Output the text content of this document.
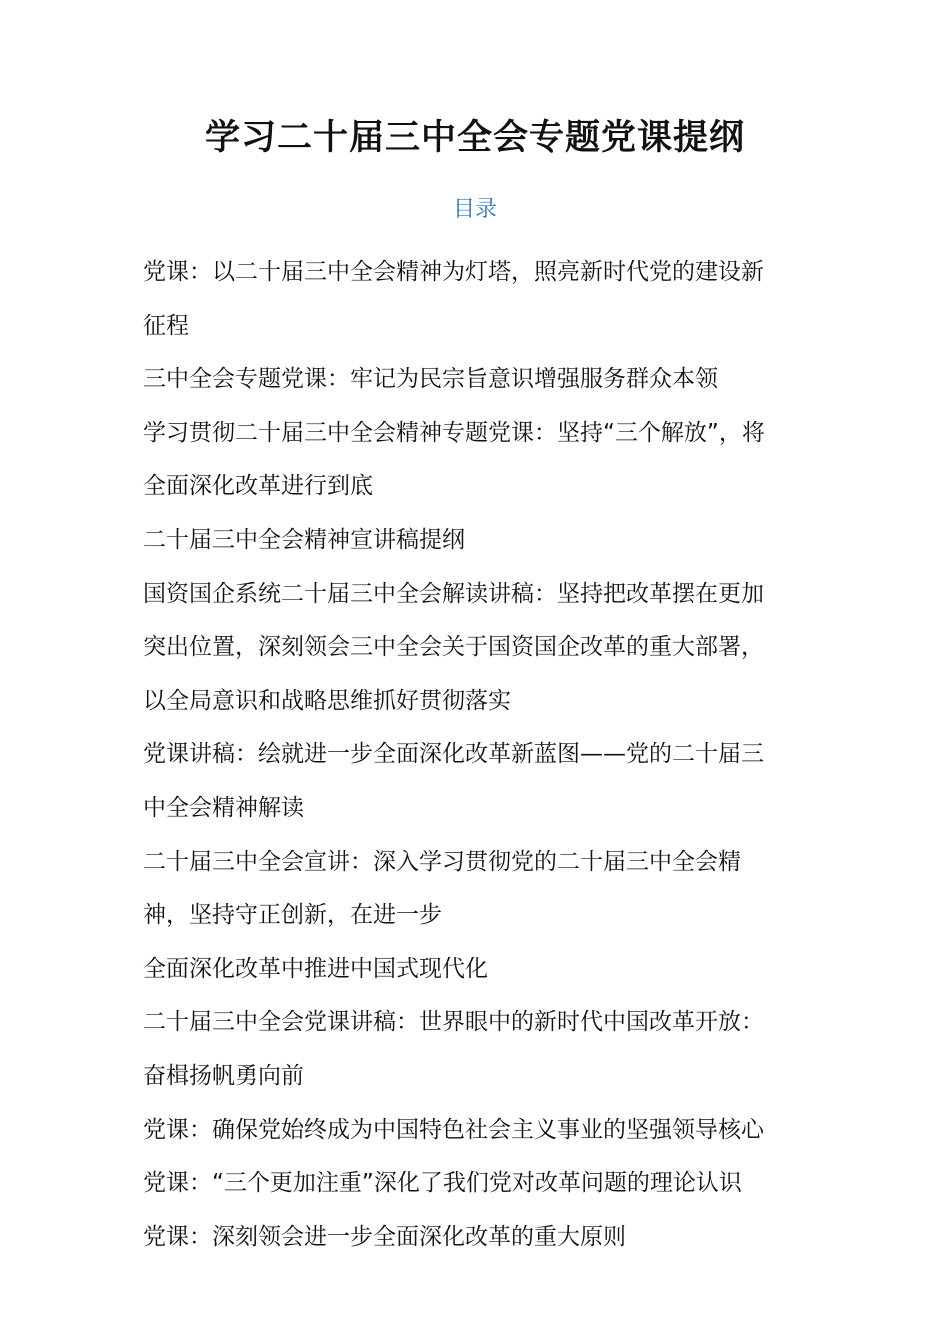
学习二十届三中全会专题党课提纲
目录
党课：以二十届三中全会精神为灯塔，照亮新时代党的建设新
征程
三中全会专题党课：牢记为民宗旨意识增强服务群众本领
学习贯彻二十届三中全会精神专题党课：坚持“三个解放”，将
全面深化改革进行到底
二十届三中全会精神宣讲稿提纲
国资国企系统二十届三中全会解读讲稿：坚持把改革摆在更加
突出位置，深刻领会三中全会关于国资国企改革的重大部署，
以全局意识和战略思维抓好贯彻落实
党课讲稿：绘就进一步全面深化改革新蓝图——党的二十届三
中全会精神解读
二十届三中全会宣讲：深入学习贯彻党的二十届三中全会精
神，坚持守正创新，在进一步
全面深化改革中推进中国式现代化
二十届三中全会党课讲稿：世界眼中的新时代中国改革开放：
奋楫扬帆勇向前
党课：确保党始终成为中国特色社会主义事业的坚强领导核心
党课：“三个更加注重”深化了我们党对改革问题的理论认识
党课：深刻领会进一步全面深化改革的重大原则
